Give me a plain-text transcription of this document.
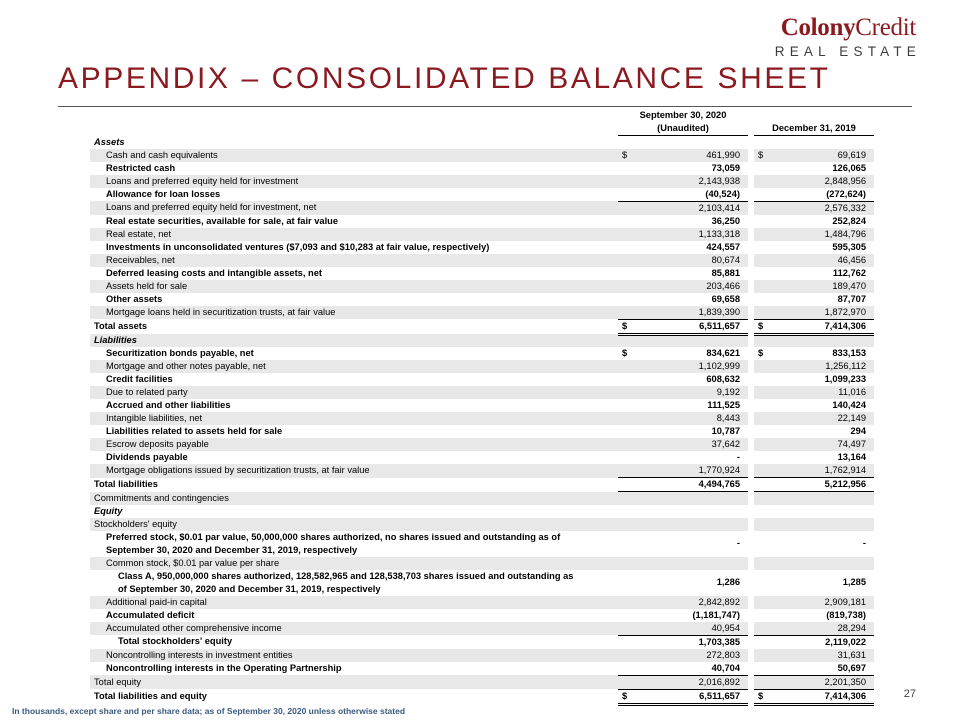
ColonyCredit
REAL ESTATE
APPENDIX – CONSOLIDATED BALANCE SHEET
	September 30, 2020		
	(Unaudited)		December 31, 2019
Assets			
Cash and cash equivalents	$ 461,990		$ 69,619
Restricted cash	73,059		126,065
Loans and preferred equity held for investment	2,143,938		2,848,956
Allowance for loan losses	(40,524)		(272,624)
Loans and preferred equity held for investment, net	2,103,414		2,576,332
Real estate securities, available for sale, at fair value	36,250		252,824
Real estate, net	1,133,318		1,484,796
Investments in unconsolidated ventures ($7,093 and $10,283 at fair value, respectively)	424,557		595,305
Receivables, net	80,674		46,456
Deferred leasing costs and intangible assets, net	85,881		112,762
Assets held for sale	203,466		189,470
Other assets	69,658		87,707
Mortgage loans held in securitization trusts, at fair value	1,839,390		1,872,970
Total assets	$ 6,511,657		$ 7,414,306
Liabilities			
Securitization bonds payable, net	$ 834,621		$ 833,153
Mortgage and other notes payable, net	1,102,999		1,256,112
Credit facilities	608,632		1,099,233
Due to related party	9,192		11,016
Accrued and other liabilities	111,525		140,424
Intangible liabilities, net	8,443		22,149
Liabilities related to assets held for sale	10,787		294
Escrow deposits payable	37,642		74,497
Dividends payable	-		13,164
Mortgage obligations issued by securitization trusts, at fair value	1,770,924		1,762,914
Total liabilities	4,494,765		5,212,956
Commitments and contingencies			
Equity			
Stockholders' equity			
Preferred stock, $0.01 par value, 50,000,000 shares authorized, no shares issued and outstanding as of
September 30, 2020 and December 31, 2019, respectively	-		-
Common stock, $0.01 par value per share			
Class A, 950,000,000 shares authorized, 128,582,965 and 128,538,703 shares issued and outstanding as
of September 30, 2020 and December 31, 2019, respectively	1,286		1,285
Additional paid-in capital	2,842,892		2,909,181
Accumulated deficit	(1,181,747)		(819,738)
Accumulated other comprehensive income	40,954		28,294
Total stockholders' equity	1,703,385		2,119,022
Noncontrolling interests in investment entities	272,803		31,631
Noncontrolling interests in the Operating Partnership	40,704		50,697
Total equity	2,016,892		2,201,350
Total liabilities and equity	$ 6,511,657		$ 7,414,306	27
In thousands, except share and per share data; as of September 30, 2020 unless otherwise stated
